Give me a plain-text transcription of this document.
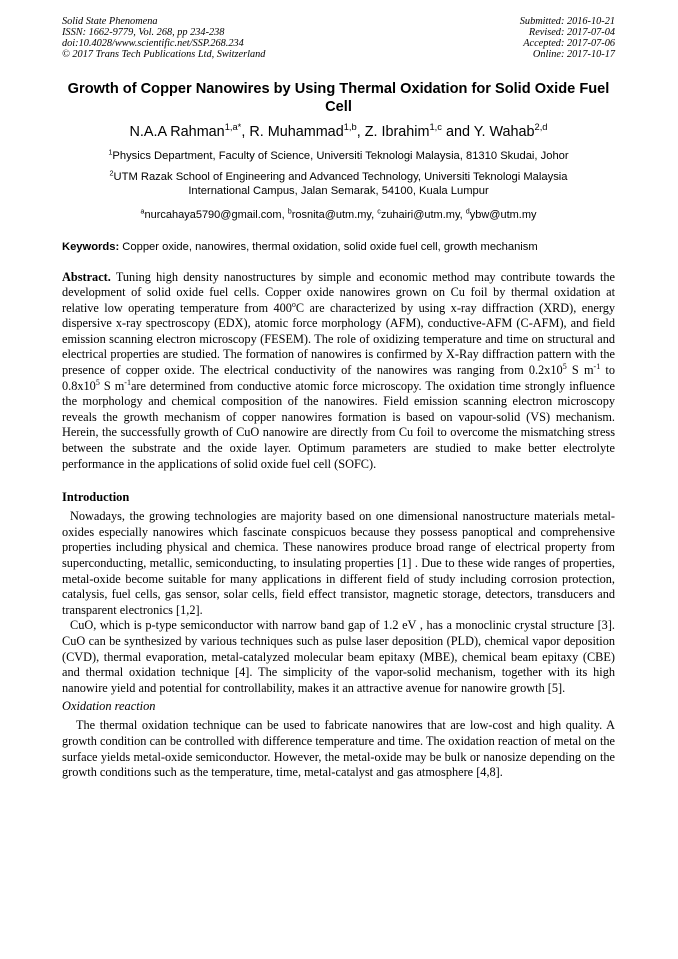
Solid State Phenomena
ISSN: 1662-9779, Vol. 268, pp 234-238
doi:10.4028/www.scientific.net/SSP.268.234
© 2017 Trans Tech Publications Ltd, Switzerland
Submitted: 2016-10-21
Revised: 2017-07-04
Accepted: 2017-07-06
Online: 2017-10-17
Growth of Copper Nanowires by Using Thermal Oxidation for Solid Oxide Fuel Cell
N.A.A Rahman$^{1,a*}$, R. Muhammad$^{1,b}$, Z. Ibrahim$^{1,c}$ and Y. Wahab$^{2,d}$
$^1$Physics Department, Faculty of Science, Universiti Teknologi Malaysia, 81310 Skudai, Johor
$^2$UTM Razak School of Engineering and Advanced Technology, Universiti Teknologi Malaysia
International Campus, Jalan Semarak, 54100, Kuala Lumpur
$^a$nurcahaya5790@gmail.com, $^b$rosnita@utm.my, $^c$zuhairi@utm.my, $^d$ybw@utm.my
Keywords: Copper oxide, nanowires, thermal oxidation, solid oxide fuel cell, growth mechanism
Abstract. Tuning high density nanostructures by simple and economic method may contribute towards the development of solid oxide fuel cells. Copper oxide nanowires grown on Cu foil by thermal oxidation at relative low operating temperature from 400$^o$C are characterized by using x-ray diffraction (XRD), energy dispersive x-ray spectroscopy (EDX), atomic force morphology (AFM), conductive-AFM (C-AFM), and field emission scanning electron microscopy (FESEM). The role of oxidizing temperature and time on structural and electrical properties are studied. The formation of nanowires is confirmed by X-Ray diffraction pattern with the presence of copper oxide. The electrical conductivity of the nanowires was ranging from $0.2x10^5$ S $m^{-1}$ to $0.8x10^5$ S $m^{-1}are$ determined from conductive atomic force microscopy. The oxidation time strongly influence the morphology and chemical composition of the nanowires. Field emission scanning electron microscopy reveals the growth mechanism of copper nanowires formation is based on vapour-solid (VS) mechanism. Herein, the successfully growth of CuO nanowire are directly from Cu foil to overcome the mismatching stress between the substrate and the oxide layer. Optimum parameters are studied to make better electrolyte performance in the applications of solid oxide fuel cell (SOFC).
Introduction

Nowadays, the growing technologies are majority based on one dimensional nanostructure materials metal-oxides especially nanowires which fascinate conspicuos because they possess panoptical and comprehensive properties including physical and chemica. These nanowires produce broad range of electrical property from superconducting, metallic, semiconducting, to insulating properties [1] . Due to these wide ranges of properties, metal-oxide become suitable for many applications in different field of study including corrosion protection, catalysis, fuel cells, gas sensor, solar cells, field effect transistor, magnetic storage, detectors, transducers and transparent electronics [1,2].

CuO, which is p-type semiconductor with narrow band gap of 1.2 eV , has a monoclinic crystal structure [3]. CuO can be synthesized by various techniques such as pulse laser deposition (PLD), chemical vapor deposition (CVD), thermal evaporation, metal-catalyzed molecular beam epitaxy (MBE), chemical beam epitaxy (CBE) and thermal oxidation technique [4]. The simplicity of the vapor-solid mechanism, together with its high nanowire yield and potential for controllability, makes it an attractive avenue for nanowire growth [5].

Oxidation reaction

The thermal oxidation technique can be used to fabricate nanowires that are low-cost and high quality. A growth condition can be controlled with difference temperature and time. The oxidation reaction of metal on the surface yields metal-oxide semiconductor. However, the metal-oxide may be bulk or nanosize depending on the growth conditions such as the temperature, time, metal-catalyst and gas atmosphere [4,8].
